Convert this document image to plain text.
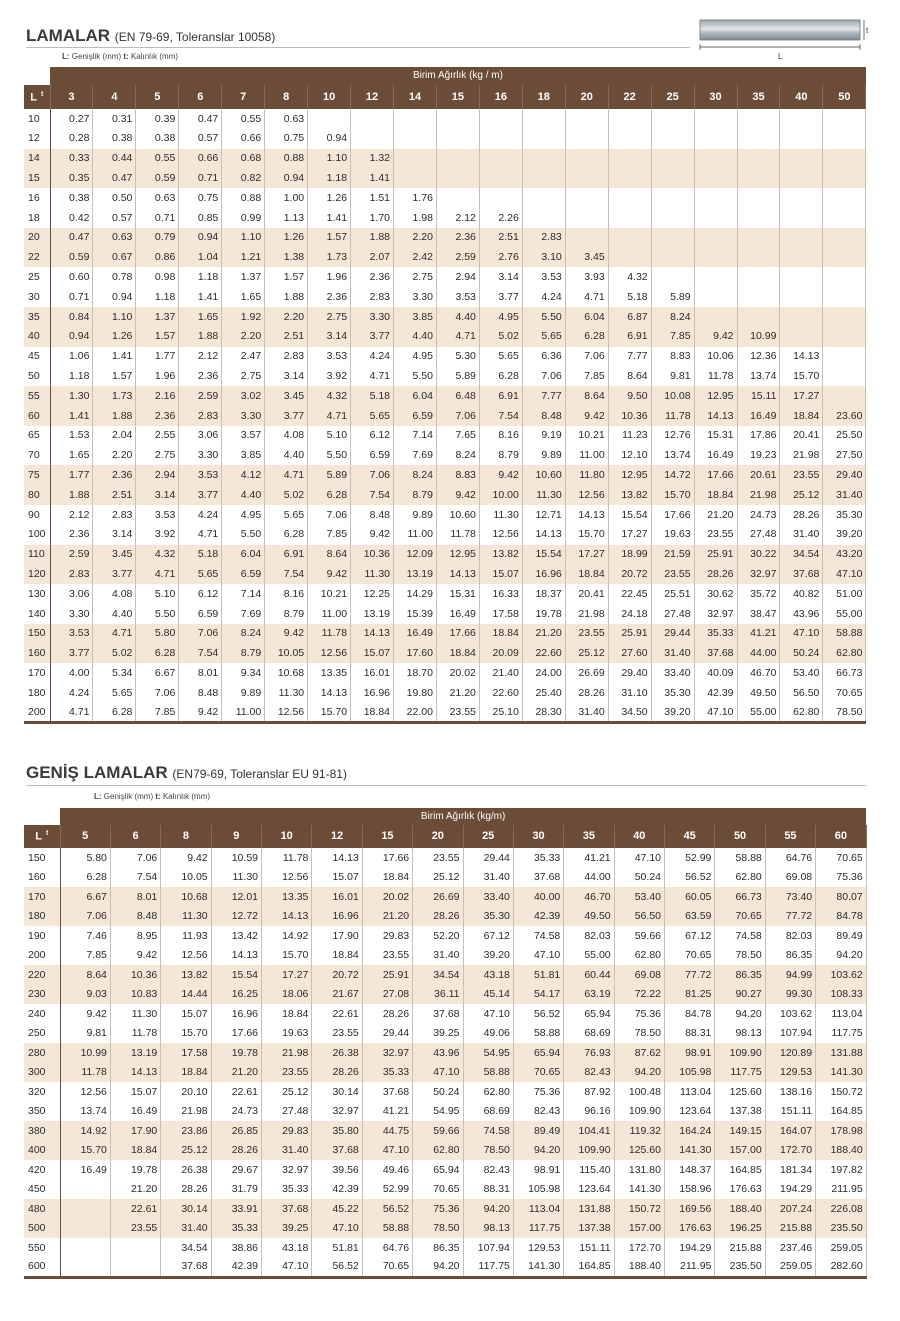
LAMALAR (EN 79-69, Toleranslar 10058)
L: Genişlik (mm) t: Kalınlık (mm)
t
L
	Birim Ağırlık (kg / m)																		
L $^t$	3	4	5	6	7	8	10	12	14	15	16	18	20	22	25	30	35	40	50
10	0.27	0.31	0.39	0.47	0.55	0.63													
12	0.28	0.38	0.38	0.57	0.66	0.75	0.94												
14	0.33	0.44	0.55	0.66	0.68	0.88	1.10	1.32											
15	0.35	0.47	0.59	0.71	0.82	0.94	1.18	1.41											
16	0.38	0.50	0.63	0.75	0.88	1.00	1.26	1.51	1.76										
18	0.42	0.57	0.71	0.85	0.99	1.13	1.41	1.70	1.98	2.12	2.26								
20	0.47	0.63	0.79	0.94	1.10	1.26	1.57	1.88	2.20	2.36	2.51	2.83							
22	0.59	0.67	0.86	1.04	1.21	1.38	1.73	2.07	2.42	2.59	2.76	3.10	3.45						
25	0.60	0.78	0.98	1.18	1.37	1.57	1.96	2.36	2.75	2.94	3.14	3.53	3.93	4.32					
30	0.71	0.94	1.18	1.41	1.65	1.88	2.36	2.83	3.30	3.53	3.77	4.24	4.71	5.18	5.89				
35	0.84	1.10	1.37	1.65	1.92	2.20	2.75	3.30	3.85	4.40	4.95	5.50	6.04	6.87	8.24				
40	0.94	1.26	1.57	1.88	2.20	2.51	3.14	3.77	4.40	4.71	5.02	5.65	6.28	6.91	7.85	9.42	10.99		
45	1.06	1.41	1.77	2.12	2.47	2.83	3.53	4.24	4.95	5.30	5.65	6.36	7.06	7.77	8.83	10.06	12.36	14.13	
50	1.18	1.57	1.96	2.36	2.75	3.14	3.92	4.71	5.50	5.89	6.28	7.06	7.85	8.64	9.81	11.78	13.74	15.70	
55	1.30	1.73	2.16	2.59	3.02	3.45	4.32	5.18	6.04	6.48	6.91	7.77	8.64	9.50	10.08	12.95	15.11	17.27	
60	1.41	1.88	2.36	2.83	3.30	3.77	4.71	5.65	6.59	7.06	7.54	8.48	9.42	10.36	11.78	14.13	16.49	18.84	23.60
65	1.53	2.04	2.55	3.06	3.57	4.08	5.10	6.12	7.14	7.65	8.16	9.19	10.21	11.23	12.76	15.31	17.86	20.41	25.50
70	1.65	2.20	2.75	3.30	3.85	4.40	5.50	6.59	7.69	8.24	8.79	9.89	11.00	12.10	13.74	16.49	19.23	21.98	27.50
75	1.77	2.36	2.94	3.53	4.12	4.71	5.89	7.06	8.24	8.83	9.42	10.60	11.80	12.95	14.72	17.66	20.61	23.55	29.40
80	1.88	2.51	3.14	3.77	4.40	5.02	6.28	7.54	8.79	9.42	10.00	11.30	12.56	13.82	15.70	18.84	21.98	25.12	31.40
90	2.12	2.83	3.53	4.24	4.95	5.65	7.06	8.48	9.89	10.60	11.30	12.71	14.13	15.54	17.66	21.20	24.73	28.26	35.30
100	2.36	3.14	3.92	4.71	5.50	6.28	7.85	9.42	11.00	11.78	12.56	14.13	15.70	17.27	19.63	23.55	27.48	31.40	39.20
110	2.59	3.45	4.32	5.18	6.04	6.91	8.64	10.36	12.09	12.95	13.82	15.54	17.27	18.99	21.59	25.91	30.22	34.54	43.20
120	2.83	3.77	4.71	5.65	6.59	7.54	9.42	11.30	13.19	14.13	15.07	16.96	18.84	20.72	23.55	28.26	32.97	37.68	47.10
130	3.06	4.08	5.10	6.12	7.14	8.16	10.21	12.25	14.29	15.31	16.33	18.37	20.41	22.45	25.51	30.62	35.72	40.82	51.00
140	3.30	4.40	5.50	6.59	7.69	8.79	11.00	13.19	15.39	16.49	17.58	19.78	21.98	24.18	27.48	32.97	38.47	43.96	55.00
150	3.53	4.71	5.80	7.06	8.24	9.42	11.78	14.13	16.49	17.66	18.84	21.20	23.55	25.91	29.44	35.33	41.21	47.10	58.88
160	3.77	5.02	6.28	7.54	8.79	10.05	12.56	15.07	17.60	18.84	20.09	22.60	25.12	27.60	31.40	37.68	44.00	50.24	62.80
170	4.00	5.34	6.67	8.01	9.34	10.68	13.35	16.01	18.70	20.02	21.40	24.00	26.69	29.40	33.40	40.09	46.70	53.40	66.73
180	4.24	5.65	7.06	8.48	9.89	11.30	14.13	16.96	19.80	21.20	22.60	25.40	28.26	31.10	35.30	42.39	49.50	56.50	70.65
200	4.71	6.28	7.85	9.42	11.00	12.56	15.70	18.84	22.00	23.55	25.10	28.30	31.40	34.50	39.20	47.10	55.00	62.80	78.50
GENİŞ LAMALAR (EN79-69, Toleranslar EU 91-81)
L: Genişlik (mm) t: Kalınlık (mm)
	Birim Ağırlık (kg/m)															
L $^t$	5	6	8	9	10	12	15	20	25	30	35	40	45	50	55	60
150	5.80	7.06	9.42	10.59	11.78	14.13	17.66	23.55	29.44	35.33	41.21	47.10	52.99	58.88	64.76	70.65
160	6.28	7.54	10.05	11.30	12.56	15.07	18.84	25.12	31.40	37.68	44.00	50.24	56.52	62.80	69.08	75.36
170	6.67	8.01	10.68	12.01	13.35	16.01	20.02	26.69	33.40	40.00	46.70	53.40	60.05	66.73	73.40	80.07
180	7.06	8.48	11.30	12.72	14.13	16.96	21.20	28.26	35.30	42.39	49.50	56.50	63.59	70.65	77.72	84.78
190	7.46	8.95	11.93	13.42	14.92	17.90	29.83	52.20	67.12	74.58	82.03	59.66	67.12	74.58	82.03	89.49
200	7.85	9.42	12.56	14.13	15.70	18.84	23.55	31.40	39.20	47.10	55.00	62.80	70.65	78.50	86.35	94.20
220	8.64	10.36	13.82	15.54	17.27	20.72	25.91	34.54	43.18	51.81	60.44	69.08	77.72	86.35	94.99	103.62
230	9.03	10.83	14.44	16.25	18.06	21.67	27.08	36.11	45.14	54.17	63.19	72.22	81.25	90.27	99.30	108.33
240	9.42	11.30	15.07	16.96	18.84	22.61	28.26	37.68	47.10	56.52	65.94	75.36	84.78	94.20	103.62	113.04
250	9.81	11.78	15.70	17.66	19.63	23.55	29.44	39.25	49.06	58.88	68.69	78.50	88.31	98.13	107.94	117.75
280	10.99	13.19	17.58	19.78	21.98	26.38	32.97	43.96	54.95	65.94	76.93	87.62	98.91	109.90	120.89	131.88
300	11.78	14.13	18.84	21.20	23.55	28.26	35.33	47.10	58.88	70.65	82.43	94.20	105.98	117.75	129.53	141.30
320	12.56	15.07	20.10	22.61	25.12	30.14	37.68	50.24	62.80	75.36	87.92	100.48	113.04	125.60	138.16	150.72
350	13.74	16.49	21.98	24.73	27.48	32.97	41.21	54.95	68.69	82.43	96.16	109.90	123.64	137.38	151.11	164.85
380	14.92	17.90	23.86	26.85	29.83	35.80	44.75	59.66	74.58	89.49	104.41	119.32	164.24	149.15	164.07	178.98
400	15.70	18.84	25.12	28.26	31.40	37.68	47.10	62.80	78.50	94.20	109.90	125.60	141.30	157.00	172.70	188.40
420	16.49	19.78	26.38	29.67	32.97	39.56	49.46	65.94	82.43	98.91	115.40	131.80	148.37	164.85	181.34	197.82
450		21.20	28.26	31.79	35.33	42.39	52.99	70.65	88.31	105.98	123.64	141.30	158.96	176.63	194.29	211.95
480		22.61	30.14	33.91	37.68	45.22	56.52	75.36	94.20	113.04	131.88	150.72	169.56	188.40	207.24	226.08
500		23.55	31.40	35.33	39.25	47.10	58.88	78.50	98.13	117.75	137.38	157.00	176.63	196.25	215.88	235.50
550			34.54	38.86	43.18	51.81	64.76	86.35	107.94	129.53	151.11	172.70	194.29	215.88	237.46	259.05
600			37.68	42.39	47.10	56.52	70.65	94.20	117.75	141.30	164.85	188.40	211.95	235.50	259.05	282.60
